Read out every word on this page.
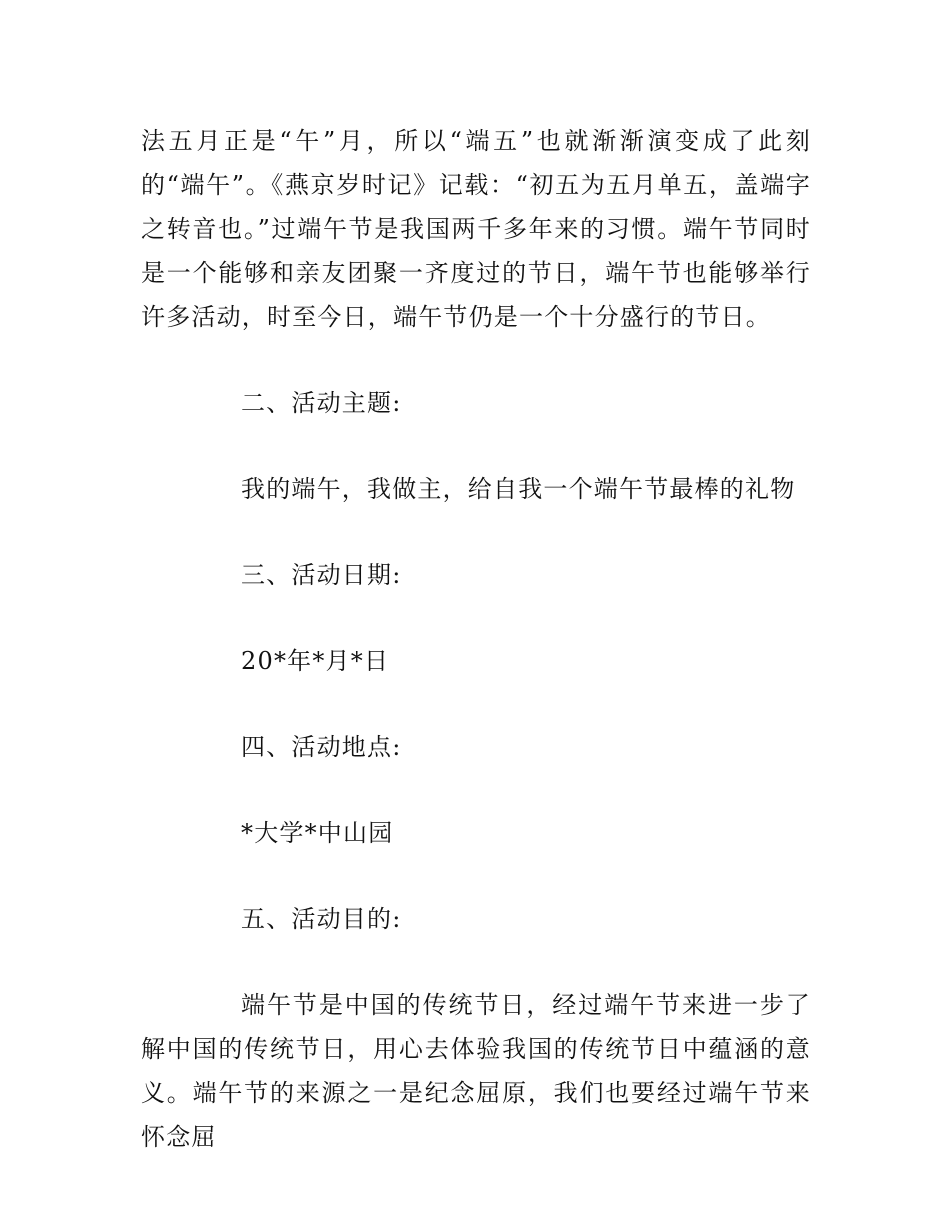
法五月正是“午”月，所以“端五”也就渐渐演变成了此刻的“端午”。《燕京岁时记》记载：“初五为五月单五，盖端字之转音也。”过端午节是我国两千多年来的习惯。端午节同时是一个能够和亲友团聚一齐度过的节日，端午节也能够举行许多活动，时至今日，端午节仍是一个十分盛行的节日。

二、活动主题:

我的端午，我做主，给自我一个端午节最棒的礼物

三、活动日期:

20*年*月*日

四、活动地点:

*大学*中山园

五、活动目的:

端午节是中国的传统节日，经过端午节来进一步了解中国的传统节日，用心去体验我国的传统节日中蕴涵的意义。端午节的来源之一是纪念屈原，我们也要经过端午节来怀念屈
